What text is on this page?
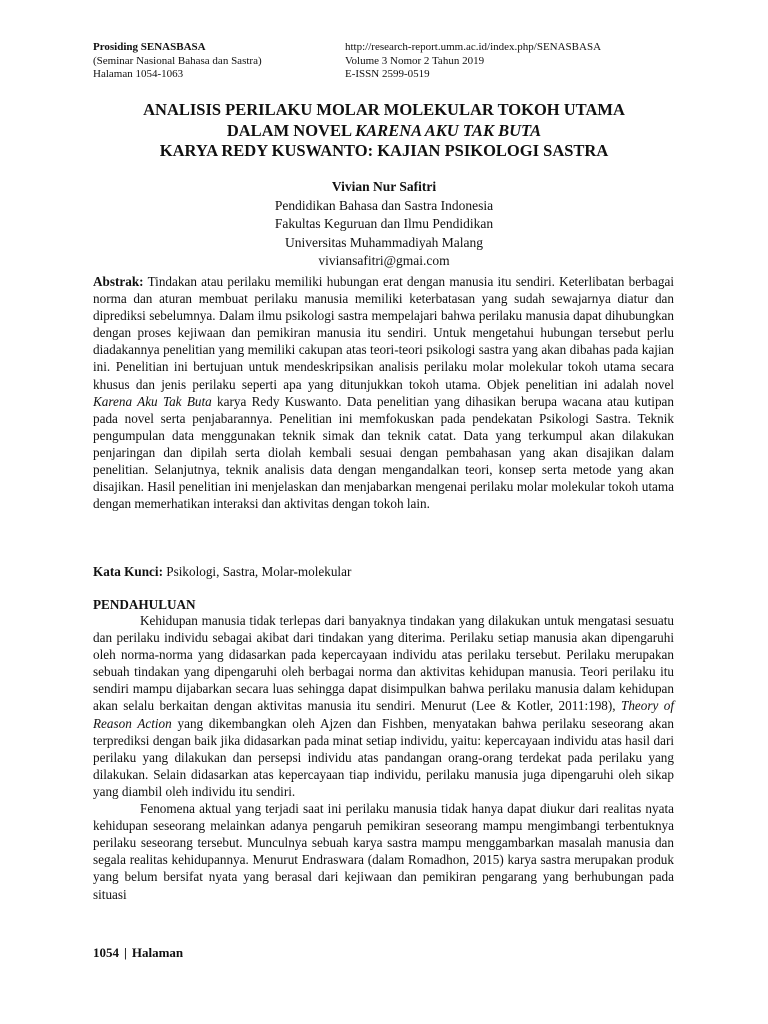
Prosiding SENASBASA
(Seminar Nasional Bahasa dan Sastra)
Halaman 1054-1063
http://research-report.umm.ac.id/index.php/SENASBASA
Volume 3 Nomor 2 Tahun 2019
E-ISSN 2599-0519
ANALISIS PERILAKU MOLAR MOLEKULAR TOKOH UTAMA
DALAM NOVEL KARENA AKU TAK BUTA
KARYA REDY KUSWANTO: KAJIAN PSIKOLOGI SASTRA
Vivian Nur Safitri
Pendidikan Bahasa dan Sastra Indonesia
Fakultas Keguruan dan Ilmu Pendidikan
Universitas Muhammadiyah Malang
viviansafitri@gmai.com
Abstrak: Tindakan atau perilaku memiliki hubungan erat dengan manusia itu sendiri. Keterlibatan berbagai norma dan aturan membuat perilaku manusia memiliki keterbatasan yang sudah sewajarnya diatur dan diprediksi sebelumnya. Dalam ilmu psikologi sastra mempelajari bahwa perilaku manusia dapat dihubungkan dengan proses kejiwaan dan pemikiran manusia itu sendiri. Untuk mengetahui hubungan tersebut perlu diadakannya penelitian yang memiliki cakupan atas teori-teori psikologi sastra yang akan dibahas pada kajian ini. Penelitian ini bertujuan untuk mendeskripsikan analisis perilaku molar molekular tokoh utama secara khusus dan jenis perilaku seperti apa yang ditunjukkan tokoh utama. Objek penelitian ini adalah novel Karena Aku Tak Buta karya Redy Kuswanto. Data penelitian yang dihasikan berupa wacana atau kutipan pada novel serta penjabarannya. Penelitian ini memfokuskan pada pendekatan Psikologi Sastra. Teknik pengumpulan data menggunakan teknik simak dan teknik catat. Data yang terkumpul akan dilakukan penjaringan dan dipilah serta diolah kembali sesuai dengan pembahasan yang akan disajikan dalam penelitian. Selanjutnya, teknik analisis data dengan mengandalkan teori, konsep serta metode yang akan disajikan. Hasil penelitian ini menjelaskan dan menjabarkan mengenai perilaku molar molekular tokoh utama dengan memerhatikan interaksi dan aktivitas dengan tokoh lain.
Kata Kunci: Psikologi, Sastra, Molar-molekular
PENDAHULUAN

Kehidupan manusia tidak terlepas dari banyaknya tindakan yang dilakukan untuk mengatasi sesuatu dan perilaku individu sebagai akibat dari tindakan yang diterima. Perilaku setiap manusia akan dipengaruhi oleh norma-norma yang didasarkan pada kepercayaan individu atas perilaku tersebut. Perilaku merupakan sebuah tindakan yang dipengaruhi oleh berbagai norma dan aktivitas kehidupan manusia. Teori perilaku itu sendiri mampu dijabarkan secara luas sehingga dapat disimpulkan bahwa perilaku manusia dalam kehidupan akan selalu berkaitan dengan aktivitas manusia itu sendiri. Menurut (Lee & Kotler, 2011:198), Theory of Reason Action yang dikembangkan oleh Ajzen dan Fishben, menyatakan bahwa perilaku seseorang akan terprediksi dengan baik jika didasarkan pada minat setiap individu, yaitu: kepercayaan individu atas hasil dari perilaku yang dilakukan dan persepsi individu atas pandangan orang-orang terdekat pada perilaku yang dilakukan. Selain didasarkan atas kepercayaan tiap individu, perilaku manusia juga dipengaruhi oleh sikap yang diambil oleh individu itu sendiri.

Fenomena aktual yang terjadi saat ini perilaku manusia tidak hanya dapat diukur dari realitas nyata kehidupan seseorang melainkan adanya pengaruh pemikiran seseorang mampu mengimbangi terbentuknya perilaku seseorang tersebut. Munculnya sebuah karya sastra mampu menggambarkan masalah manusia dan segala realitas kehidupannya. Menurut Endraswara (dalam Romadhon, 2015) karya sastra merupakan produk yang belum bersifat nyata yang berasal dari kejiwaan dan pemikiran pengarang yang berhubungan pada situasi

1054 | Halaman
